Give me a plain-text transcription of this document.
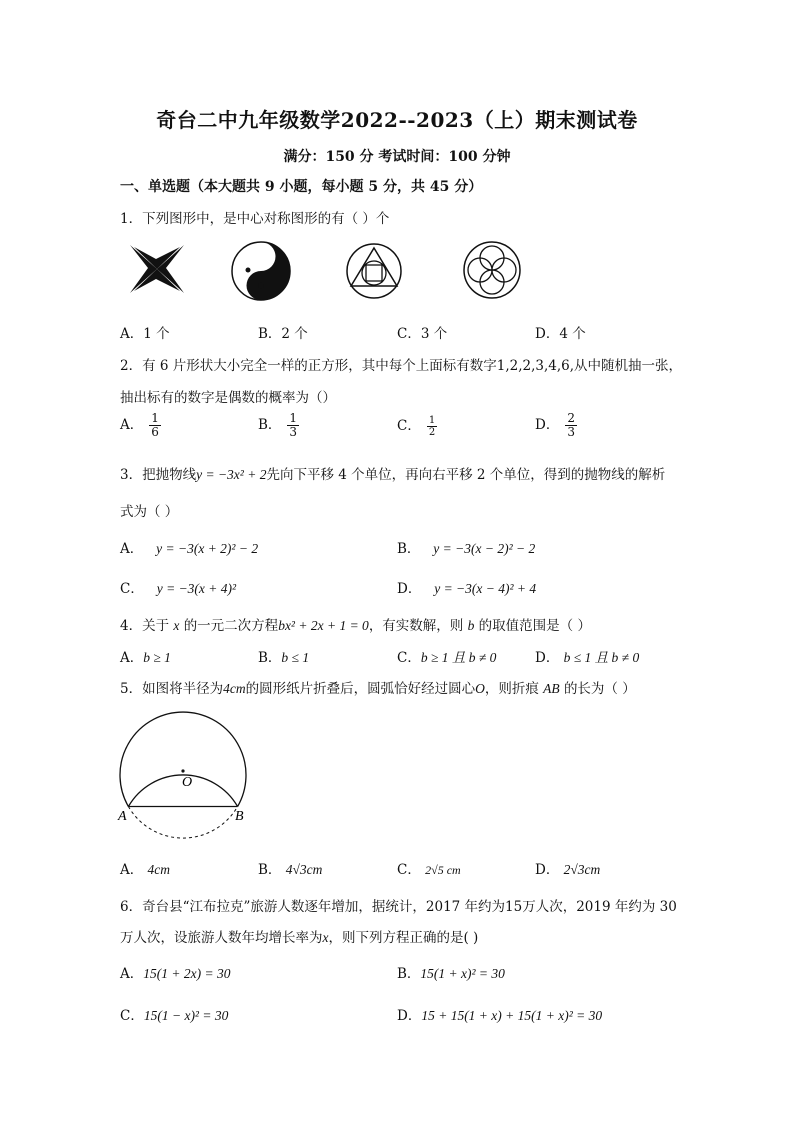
奇台二中九年级数学2022--2023（上）期末测试卷
满分：150 分 考试时间：100 分钟
一、单选题（本大题共 9 小题，每小题 5 分，共 45 分）
1．下列图形中，是中心对称图形的有（ ）个
A．1 个	B．2 个	C．3 个	D．4 个
2．有 6 片形状大小完全一样的正方形，其中每个上面标有数字1,2,2,3,4,6,从中随机抽一张，
抽出标有的数字是偶数的概率为（）
A． $\frac{1}{6}$	B． $\frac{1}{3}$	C． $\frac{1}{2}$	D． $\frac{2}{3}$
3．把抛物线y = −3x² + 2先向下平移 4 个单位，再向右平移 2 个单位，得到的抛物线的解析
式为（ ）
A． y = −3(x + 2)² − 2	B． y = −3(x − 2)² − 2
C． y = −3(x + 4)²	D． y = −3(x − 4)² + 4
4．关于 x 的一元二次方程bx² + 2x + 1 = 0，有实数解，则 b 的取值范围是（ ）
A．b ≥ 1	B．b ≤ 1	C．b ≥ 1 且 b ≠ 0	D． b ≤ 1 且 b ≠ 0
5．如图将半径为4cm的圆形纸片折叠后，圆弧恰好经过圆心O，则折痕 AB 的长为（ ）
O
A	B
A． 4cm	B． 4√3cm	C． 2√5 cm	D． 2√3cm
6．奇台县“江布拉克”旅游人数逐年增加，据统计，2017 年约为15万人次，2019 年约为 30
万人次，设旅游人数年均增长率为x，则下列方程正确的是( )
A．15(1 + 2x) = 30	B．15(1 + x)² = 30
C．15(1 − x)² = 30	D．15 + 15(1 + x) + 15(1 + x)² = 30
